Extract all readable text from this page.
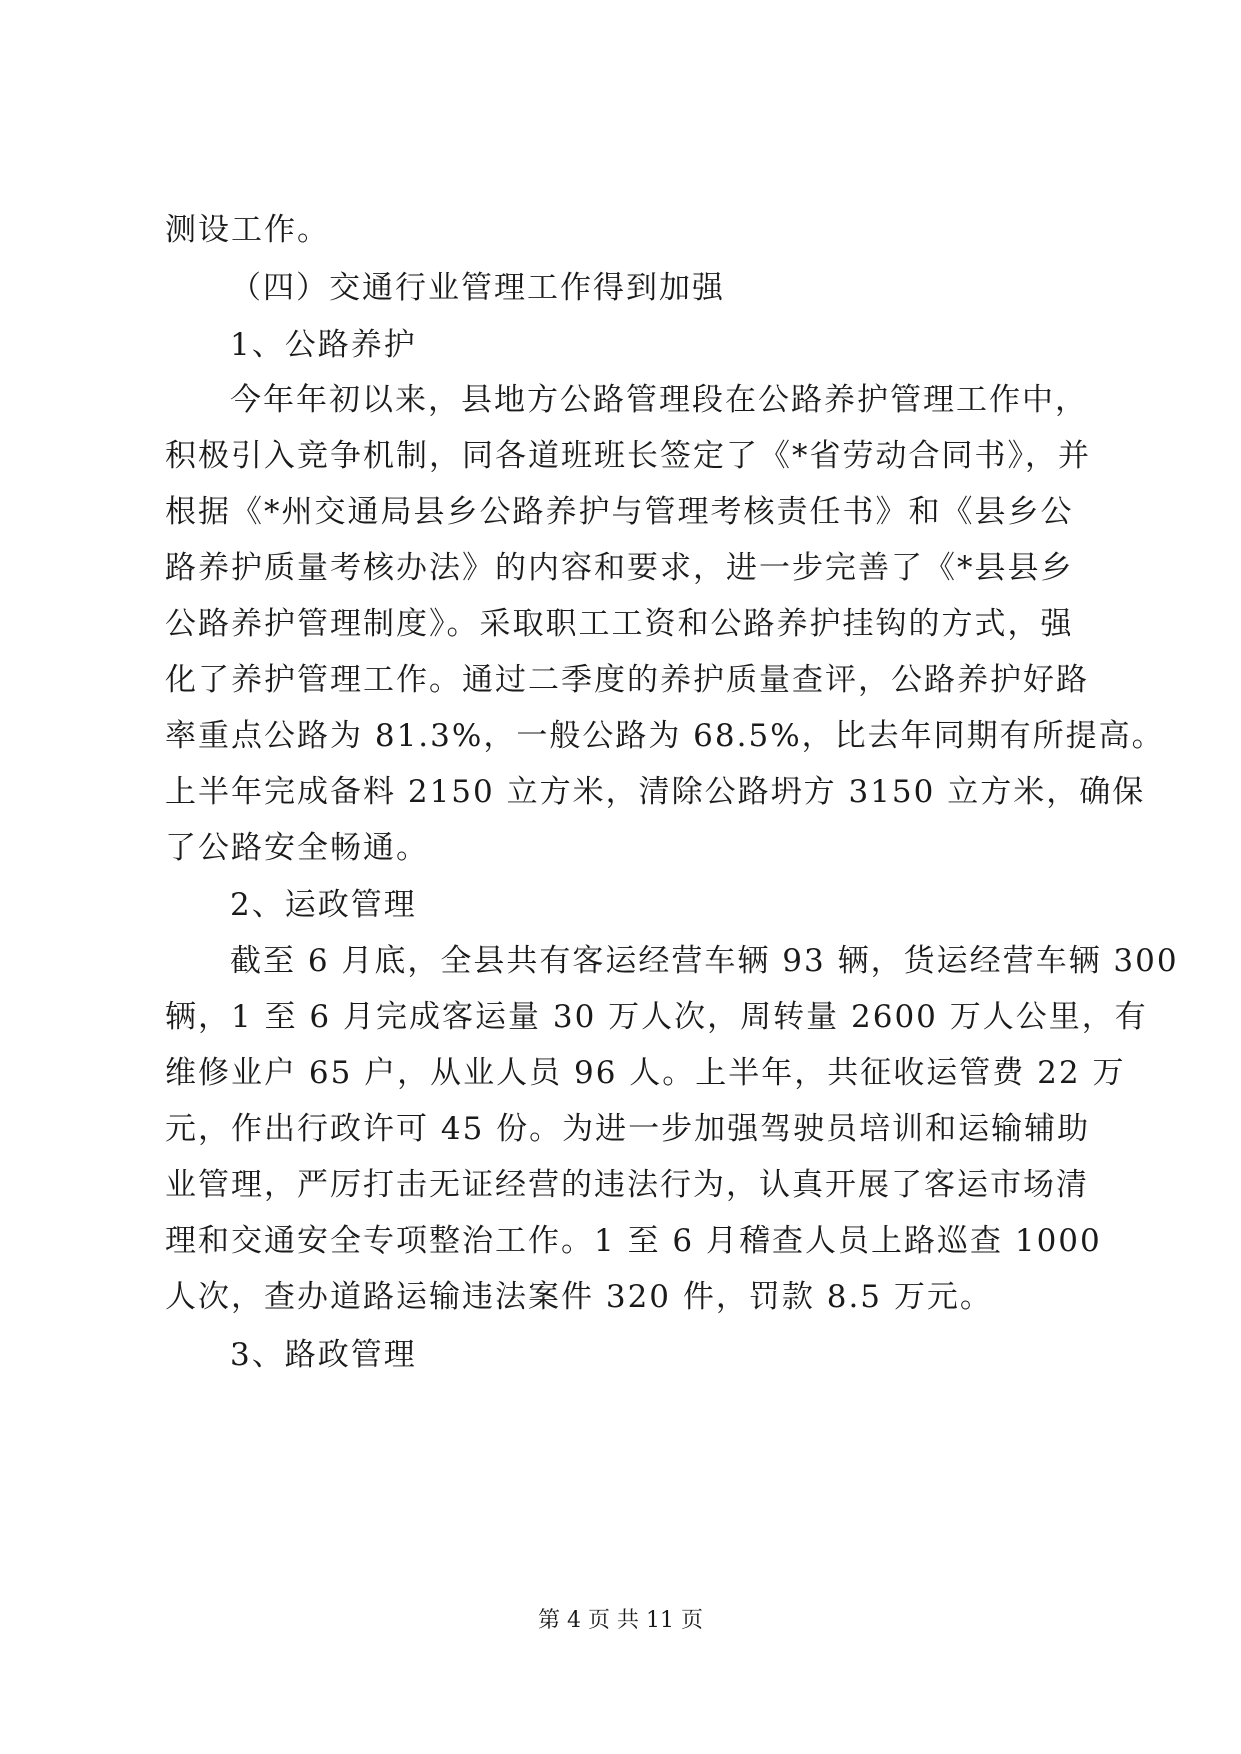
测设工作。
（四）交通行业管理工作得到加强
1、公路养护
今年年初以来，县地方公路管理段在公路养护管理工作中，
积极引入竞争机制，同各道班班长签定了《*省劳动合同书》，并
根据《*州交通局县乡公路养护与管理考核责任书》和《县乡公
路养护质量考核办法》的内容和要求，进一步完善了《*县县乡
公路养护管理制度》。采取职工工资和公路养护挂钩的方式，强
化了养护管理工作。通过二季度的养护质量查评，公路养护好路
率重点公路为 81.3%，一般公路为 68.5%，比去年同期有所提高。
上半年完成备料 2150 立方米，清除公路坍方 3150 立方米，确保
了公路安全畅通。
2、运政管理
截至 6 月底，全县共有客运经营车辆 93 辆，货运经营车辆 300
辆，1 至 6 月完成客运量 30 万人次，周转量 2600 万人公里，有
维修业户 65 户，从业人员 96 人。上半年，共征收运管费 22 万
元，作出行政许可 45 份。为进一步加强驾驶员培训和运输辅助
业管理，严厉打击无证经营的违法行为，认真开展了客运市场清
理和交通安全专项整治工作。1 至 6 月稽查人员上路巡查 1000
人次，查办道路运输违法案件 320 件，罚款 8.5 万元。
3、路政管理
第 4 页 共 11 页
